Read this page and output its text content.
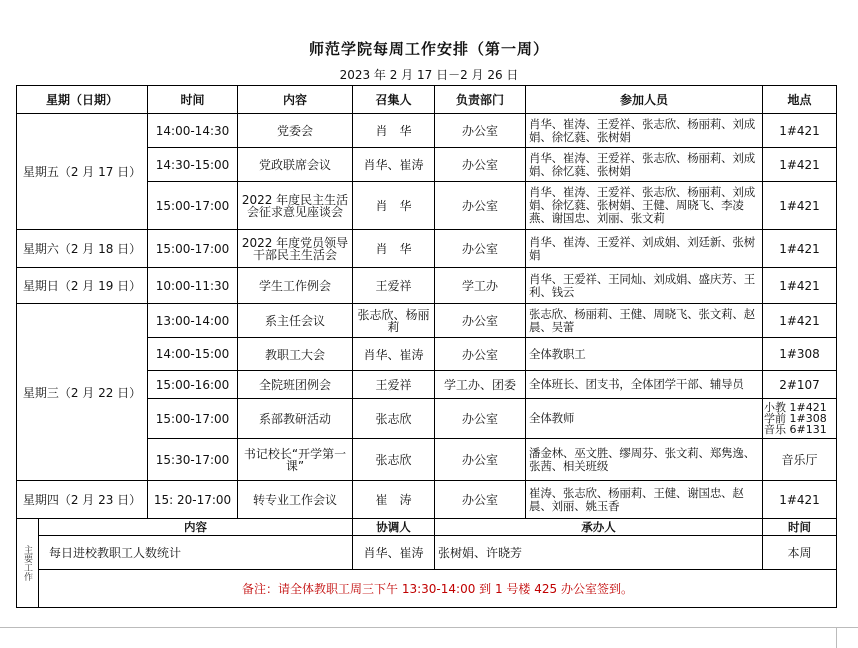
师范学院每周工作安排（第一周）
2023 年 2 月 17 日－2 月 26 日
星期（日期）		时间	内容	召集人	负责部门	参加人员	地点
星期五（2 月 17 日）		14:00-14:30	党委会	肖　华	办公室	肖华、崔涛、王爱祥、张志欣、杨丽莉、刘成娟、徐忆蕤、张树娟	1#421
		14:30-15:00	党政联席会议	肖华、崔涛	办公室	肖华、崔涛、王爱祥、张志欣、杨丽莉、刘成娟、徐忆蕤、张树娟	1#421
		15:00-17:00	2022 年度民主生活会征求意见座谈会	肖　华	办公室	肖华、崔涛、王爱祥、张志欣、杨丽莉、刘成娟、徐忆蕤、张树娟、王健、周晓飞、李凌燕、谢国忠、刘丽、张文莉	1#421
星期六（2 月 18 日）		15:00-17:00	2022 年度党员领导干部民主生活会	肖　华	办公室	肖华、崔涛、王爱祥、刘成娟、刘廷新、张树娟	1#421
星期日（2 月 19 日）		10:00-11:30	学生工作例会	王爱祥	学工办	肖华、王爱祥、王同灿、刘成娟、盛庆芳、王利、钱云	1#421
星期三（2 月 22 日）		13:00-14:00	系主任会议	张志欣、杨丽莉	办公室	张志欣、杨丽莉、王健、周晓飞、张文莉、赵晨、吴蕾	1#421
		14:00-15:00	教职工大会	肖华、崔涛	办公室	全体教职工	1#308
		15:00-16:00	全院班团例会	王爱祥	学工办、团委	全体班长、团支书，全体团学干部、辅导员	2#107
		15:00-17:00	系部教研活动	张志欣	办公室	全体教师	小教 1#421
学前 1#308
音乐 6#131

		15:30-17:00	书记校长“开学第一课”	张志欣	办公室	潘金林、巫文胜、缪周芬、张文莉、郑隽逸、张茜、相关班级	音乐厅
星期四（2 月 23 日）		15: 20-17:00	转专业工作会议	崔　涛	办公室	崔涛、张志欣、杨丽莉、王健、谢国忠、赵晨、刘丽、姚玉香	1#421
主要工作	内容			协调人	承办人		时间
	每日进校教职工人数统计			肖华、崔涛	张树娟、许晓芳		本周
	备注：请全体教职工周三下午 13:30-14:00 到 1 号楼 425 办公室签到。						
